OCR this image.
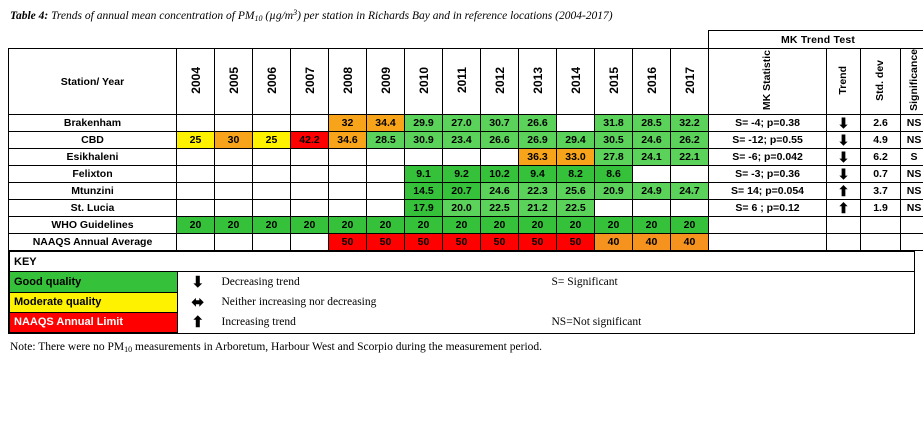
Table 4: Trends of annual mean concentration of $PM_{10}$ $(\mu g/m^3)$ per station in Richards Bay and in reference locations (2004-2017)
															MK Trend Test			
Station/ Year	2004	2005	2006	2007	2008	2009	2010	2011	2012	2013	2014	2015	2016	2017	MK Statistic	Trend	Std. dev	Significance
Brakenham					32	34.4	29.9	27.0	30.7	26.6		31.8	28.5	32.2	S= -4; p=0.38	⬇	2.6	NS
CBD	25	30	25	42.2	34.6	28.5	30.9	23.4	26.6	26.9	29.4	30.5	24.6	26.2	S= -12; p=0.55	⬇	4.9	NS
Esikhaleni										36.3	33.0	27.8	24.1	22.1	S= -6; p=0.042	⬇	6.2	S
Felixton							9.1	9.2	10.2	9.4	8.2	8.6			S= -3; p=0.36	⬇	0.7	NS
Mtunzini							14.5	20.7	24.6	22.3	25.6	20.9	24.9	24.7	S= 14; p=0.054	⬆	3.7	NS
St. Lucia							17.9	20.0	22.5	21.2	22.5				S= 6 ; p=0.12	⬆	1.9	NS
WHO Guidelines	20	20	20	20	20	20	20	20	20	20	20	20	20	20				
NAAQS Annual Average					50	50	50	50	50	50	50	40	40	40				
KEY			
Good quality	⬇	Decreasing trend	S= Significant
Moderate quality	⬌	Neither increasing nor decreasing	
NAAQS Annual Limit	⬆	Increasing trend	NS=Not significant
Note: There were no $PM_{10}$ measurements in Arboretum, Harbour West and Scorpio during the measurement period.
